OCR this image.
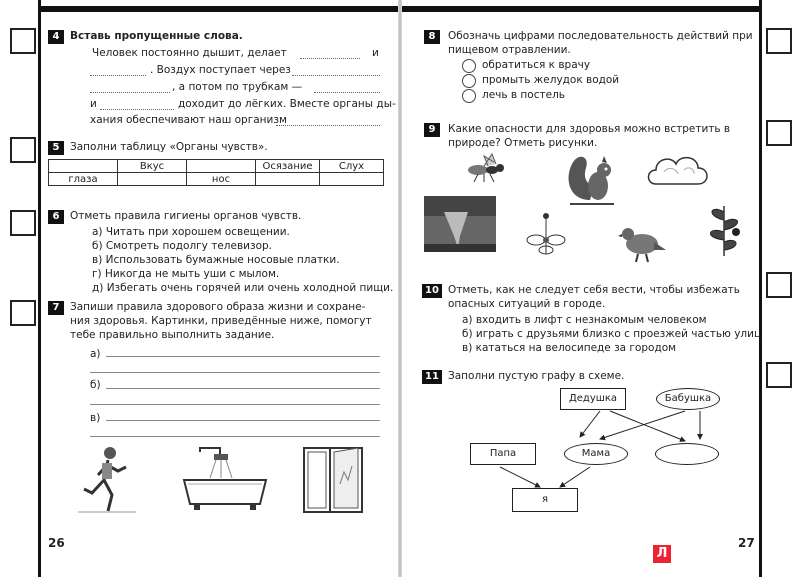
4	Вставь пропущенные слова.
Человек постоянно дышит, делает	и
. Воздух поступает через
, а потом по трубкам —
и	доходит до лёгких. Вместе органы ды-
хания обеспечивают наш организм
5	Заполни таблицу «Органы чувств».
	Вкус		Осязание	Слух
глаза		нос		
6	Отметь правила гигиены органов чувств.
а) Читать при хорошем освещении.
б) Смотреть подолгу телевизор.
в) Использовать бумажные носовые платки.
г) Никогда не мыть уши с мылом.
д) Избегать очень горячей или очень холодной пищи.
7	Запиши правила здорового образа жизни и сохране-
ния здоровья. Картинки, приведённые ниже, помогут
тебе правильно выполнить задание.
а)
б)
в)
26
8	Обозначь цифрами последовательность действий при
пищевом отравлении.
обратиться к врачу
промыть желудок водой
лечь в постель
9	Какие опасности для здоровья можно встретить в
природе? Отметь рисунки.
10 Отметь, как не следует себя вести, чтобы избежать
опасных ситуаций в городе.
а) входить в лифт с незнакомым человеком
б) играть с друзьями близко с проезжей частью улиц
в) кататься на велосипеде за городом
11 Заполни пустую графу в схеме.
Дедушка	Бабушка
Папа	Мама
я
27
Л
